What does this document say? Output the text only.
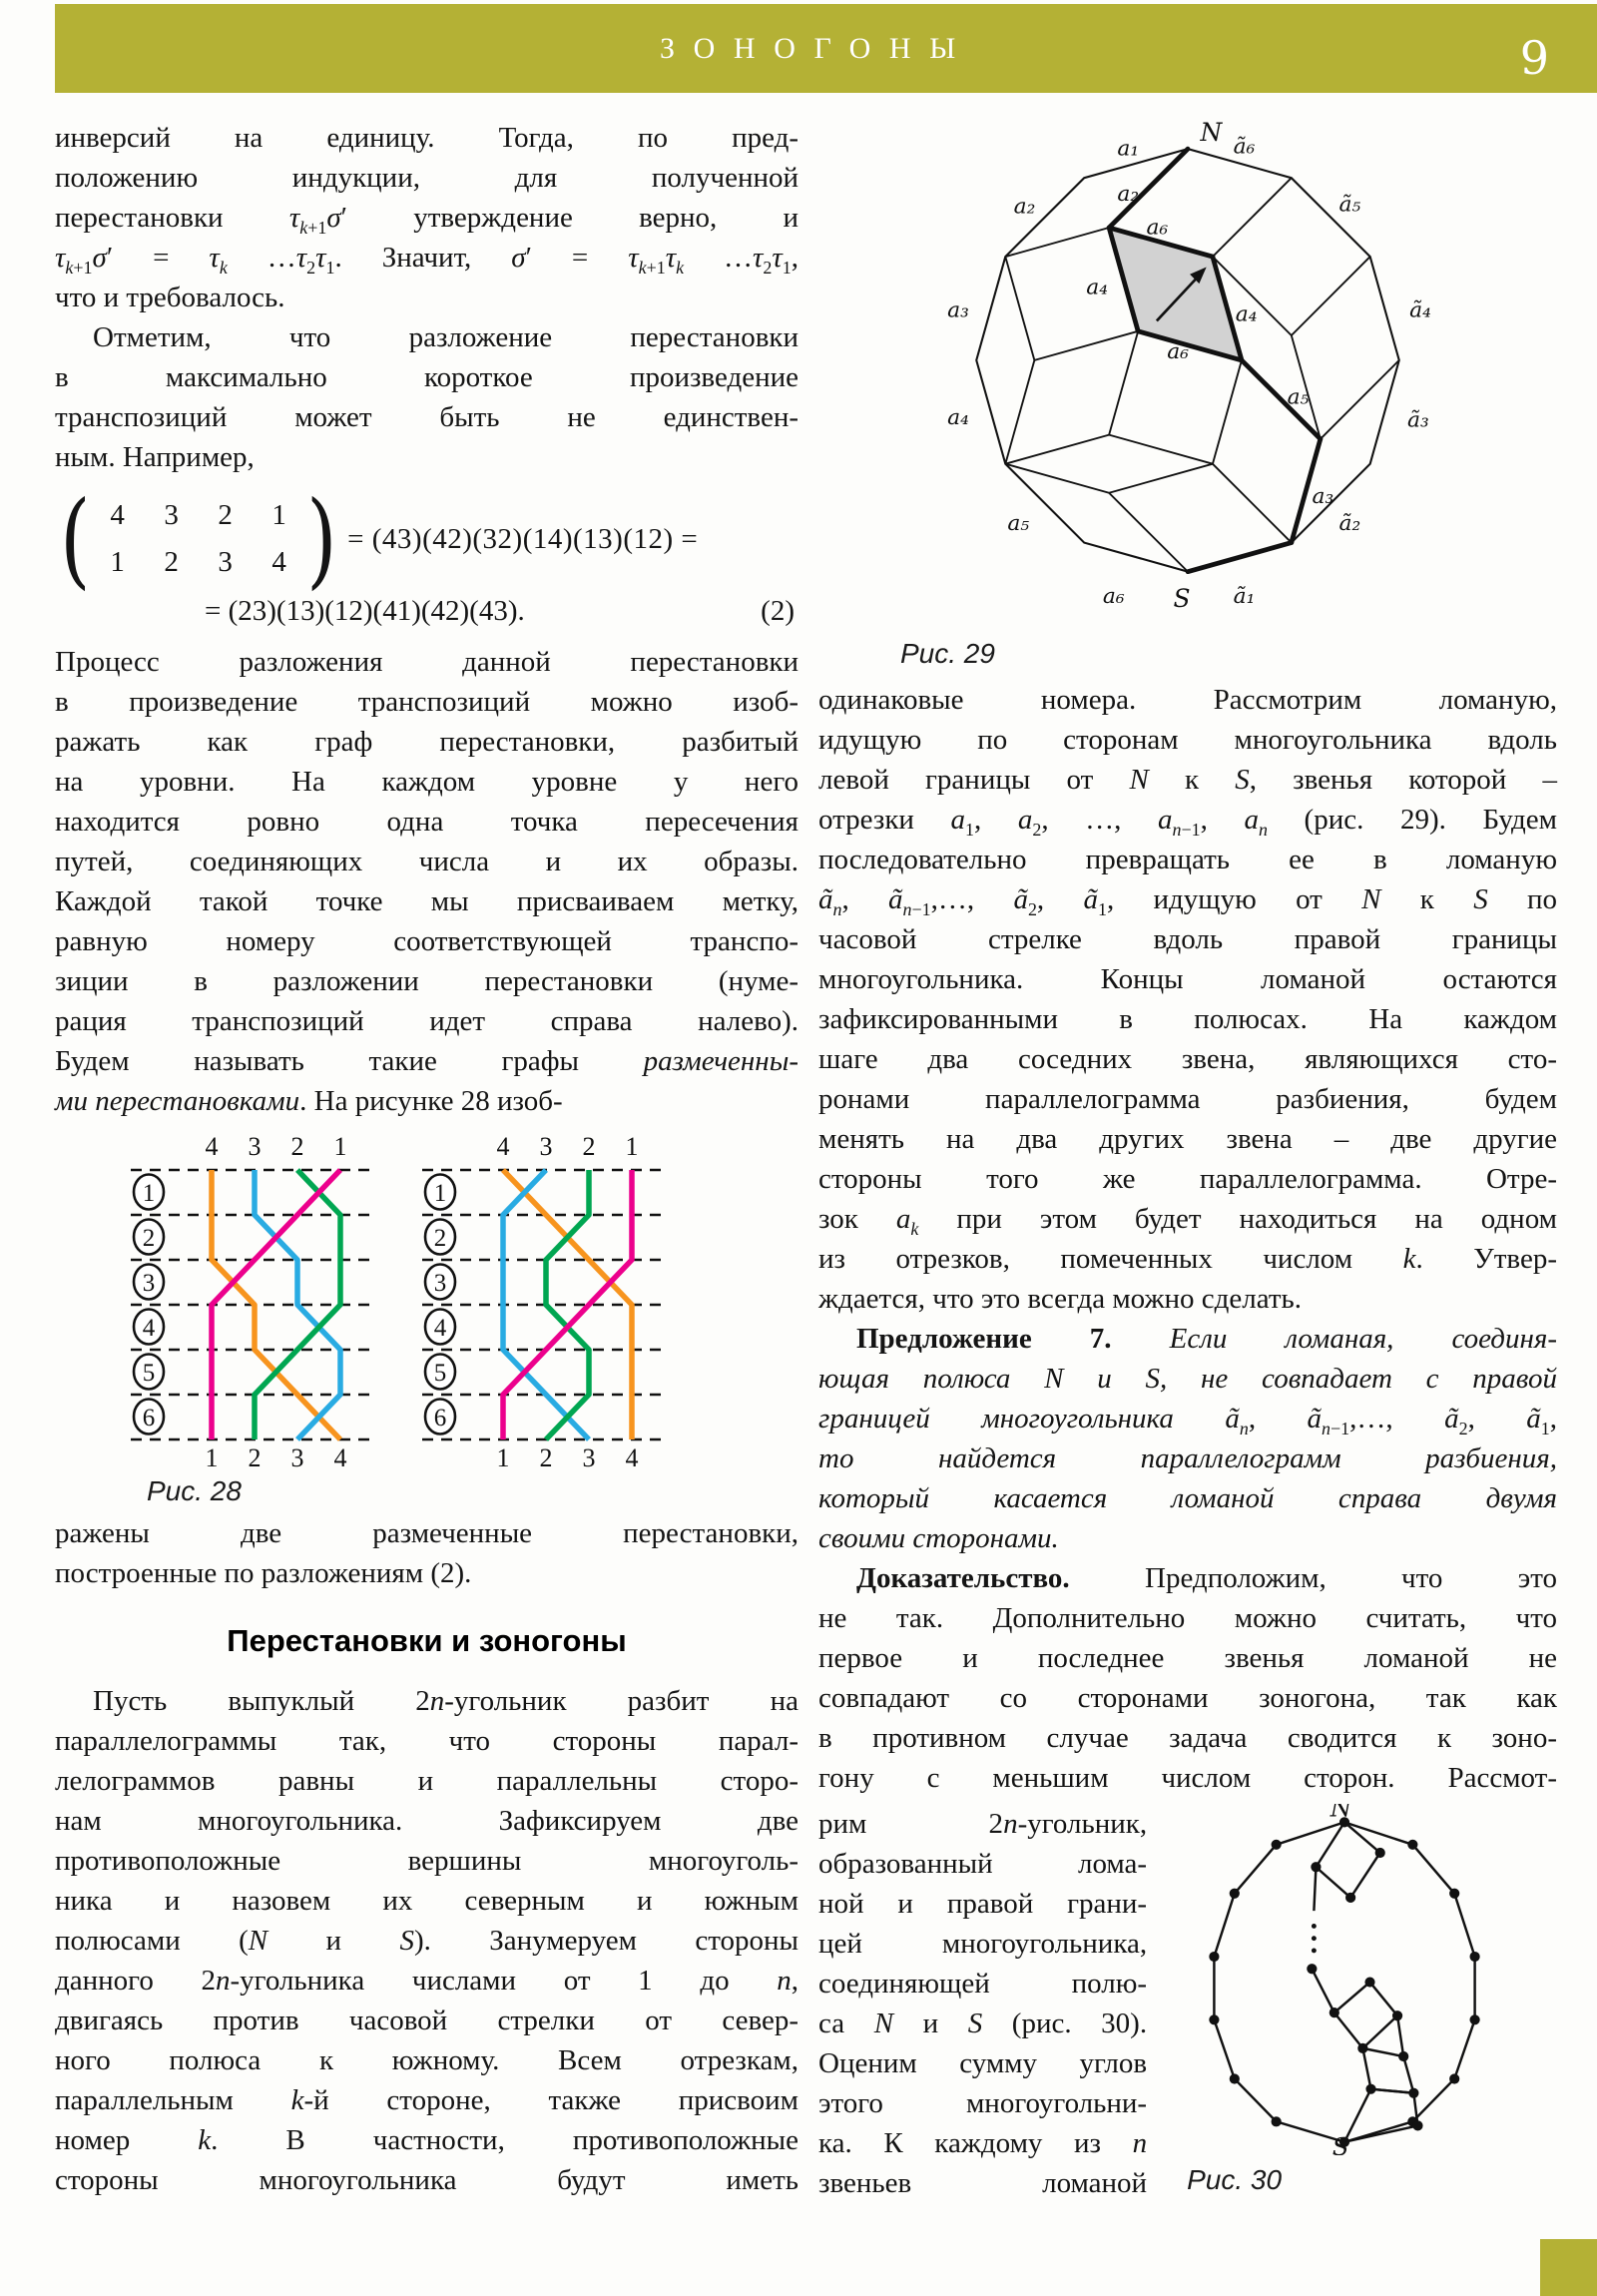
ЗОНОГОНЫ	9
инверсий на единицу. Тогда, по пред-
положению индукции, для полученной
перестановки $\tau_{k+1}\sigma'$ утверждение верно, и
$\tau_{k+1}\sigma' = \tau_k$ $\dots\tau_2\tau_1$. Значит, $\sigma' = \tau_{k+1}\tau_k$ $\dots\tau_2\tau_1$,
что и требовалось.
Отметим, что разложение перестановки
в максимально короткое произведение
транспозиций может быть не единствен-
ным. Например,
( 4 3 2 1
1 2 3 4 ) = (43)(42)(32)(14)(13)(12) =
= (23)(13)(12)(41)(42)(43).	(2)
Процесс разложения данной перестановки
в произведение транспозиций можно изоб-
ражать как граф перестановки, разбитый
на уровни. На каждом уровне у него
находится ровно одна точка пересечения
путей, соединяющих числа и их образы.
Каждой такой точке мы присваиваем метку,
равную номеру соответствующей транспо-
зиции в разложении перестановки (нуме-
рация транспозиций идет справа налево).
Будем называть такие графы размеченны-
ми перестановками. На рисунке 28 изоб-
1
2
3
4
5
6
4 3 2 1
1 2 3 4
1
2
3
4
5
6
4 3 2 1
1 2 3 4
Рис. 28
ражены две размеченные перестановки,
построенные по разложениям (2).
Перестановки и зоногоны
Пусть выпуклый 2n-угольник разбит на
параллелограммы так, что стороны парал-
лелограммов равны и параллельны сторо-
нам многоугольника. Зафиксируем две
противоположные вершины многоуголь-
ника и назовем их северным и южным
полюсами (N и S). Занумеруем стороны
данного 2n-угольника числами от 1 до n,
двигаясь против часовой стрелки от север-
ного полюса к южному. Всем отрезкам,
параллельным k-й стороне, также присвоим
номер k. В частности, противоположные
стороны многоугольника будут иметь
N
S
a₁
a₂
a₃
a₄
a₅
a₆
ã₆
ã₅
ã₄
ã₃
ã₂
ã₁
a₂
a₆
a₄
a₆
a₄
a₅
a₃
Рис. 29
одинаковые номера. Рассмотрим ломаную,
идущую по сторонам многоугольника вдоль
левой границы от N к S, звенья которой –
отрезки $a_1$, $a_2$, …, $a_{n-1}$, $a_n$ (рис. 29). Будем
последовательно превращать ее в ломаную
$ã_n$, $ã_{n-1},\dots$, $ã_2$, $ã_1$, идущую от N к S по
часовой стрелке вдоль правой границы
многоугольника. Концы ломаной остаются
зафиксированными в полюсах. На каждом
шаге два соседних звена, являющихся сто-
ронами параллелограмма разбиения, будем
менять на два других звена – две другие
стороны того же параллелограмма. Отре-
зок $a_k$ при этом будет находиться на одном
из отрезков, помеченных числом k. Утвер-
ждается, что это всегда можно сделать.
Предложение 7. Если ломаная, соединя-
ющая полюса N и S, не совпадает с правой
границей многоугольника $ã_n$, $ã_{n-1},\dots$, $ã_2$, $ã_1$,
то найдется параллелограмм разбиения,
который касается ломаной справа двумя
своими сторонами.
Доказательство. Предположим, что это
не так. Дополнительно можно считать, что
первое и последнее звенья ломаной не
совпадают со сторонами зоногона, так как
в противном случае задача сводится к зоно-
гону с меньшим числом сторон. Рассмот-
рим 2n-угольник,
образованный лома-
ной и правой грани-
цей многоугольника,
соединяющей полю-
са N и S (рис. 30).
Оценим сумму углов
этого многоугольни-
ка. К каждому из n
звеньев ломаной
N
S
Рис. 30
